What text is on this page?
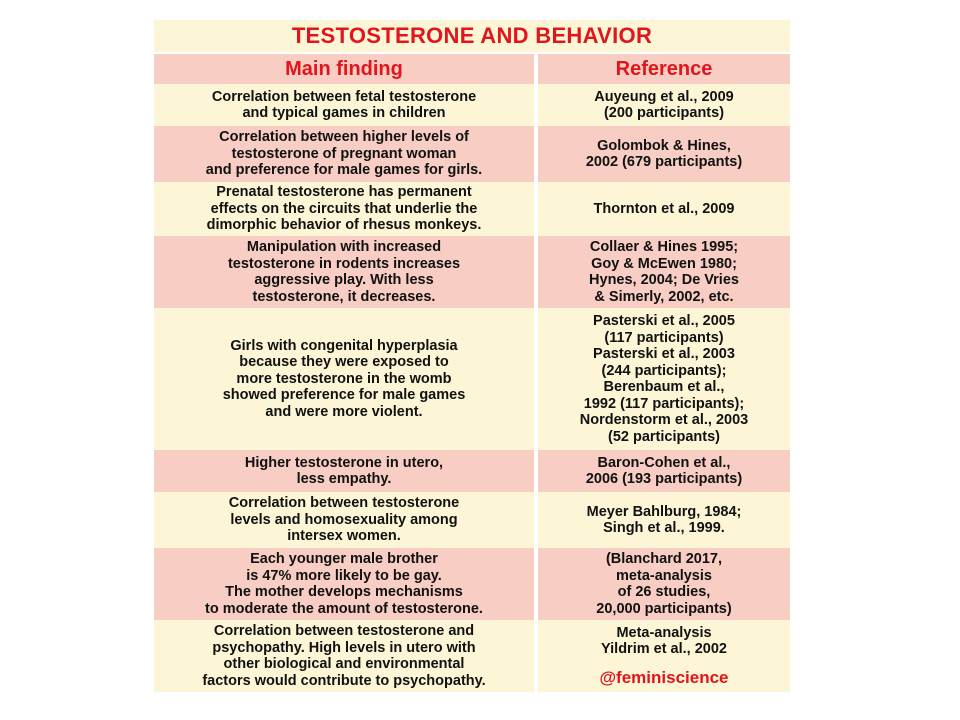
TESTOSTERONE AND BEHAVIOR
Main finding	Reference
Correlation between fetal testosterone
and typical games in children
Auyeung et al., 2009
(200 participants)
Correlation between higher levels of
testosterone of pregnant woman
and preference for male games for girls.
Golombok & Hines,
2002 (679 participants)
Prenatal testosterone has permanent
effects on the circuits that underlie the
dimorphic behavior of rhesus monkeys.
Thornton et al., 2009
Manipulation with increased
testosterone in rodents increases
aggressive play. With less
testosterone, it decreases.
Collaer & Hines 1995;
Goy & McEwen 1980;
Hynes, 2004; De Vries
& Simerly, 2002, etc.
Girls with congenital hyperplasia
because they were exposed to
more testosterone in the womb
showed preference for male games
and were more violent.
Pasterski et al., 2005
(117 participants)
Pasterski et al., 2003
(244 participants);
Berenbaum et al.,
1992 (117 participants);
Nordenstorm et al., 2003
(52 participants)
Higher testosterone in utero,
less empathy.
Baron-Cohen et al.,
2006 (193 participants)
Correlation between testosterone
levels and homosexuality among
intersex women.
Meyer Bahlburg, 1984;
Singh et al., 1999.
Each younger male brother
is 47% more likely to be gay.
The mother develops mechanisms
to moderate the amount of testosterone.
(Blanchard 2017,
meta-analysis
of 26 studies,
20,000 participants)
Correlation between testosterone and
psychopathy. High levels in utero with
other biological and environmental
factors would contribute to psychopathy.
Meta-analysis
Yildrim et al., 2002
@feminiscience
